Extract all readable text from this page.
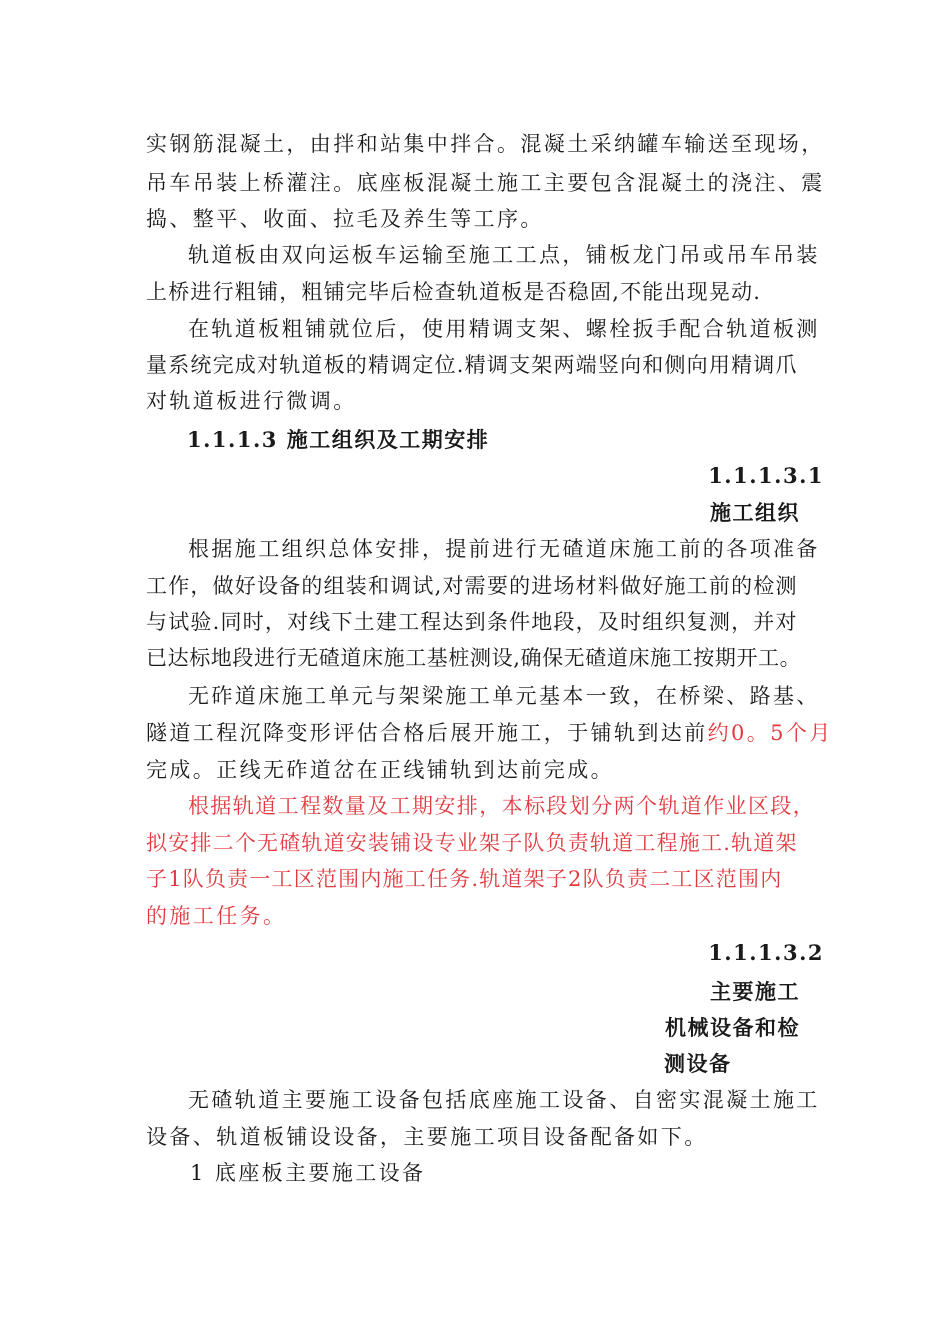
实钢筋混凝土，由拌和站集中拌合。混凝土采纳罐车输送至现场，
吊车吊装上桥灌注。底座板混凝土施工主要包含混凝土的浇注、震
捣、整平、收面、拉毛及养生等工序。
轨道板由双向运板车运输至施工工点，铺板龙门吊或吊车吊装
上桥进行粗铺，粗铺完毕后检查轨道板是否稳固,不能出现晃动.
在轨道板粗铺就位后，使用精调支架、螺栓扳手配合轨道板测
量系统完成对轨道板的精调定位.精调支架两端竖向和侧向用精调爪
对轨道板进行微调。
1.1.1.3 施工组织及工期安排
1.1.1.3.1
施工组织
根据施工组织总体安排，提前进行无碴道床施工前的各项准备
工作，做好设备的组装和调试,对需要的进场材料做好施工前的检测
与试验.同时，对线下土建工程达到条件地段，及时组织复测，并对
已达标地段进行无碴道床施工基桩测设,确保无碴道床施工按期开工。
无砟道床施工单元与架梁施工单元基本一致，在桥梁、路基、
隧道工程沉降变形评估合格后展开施工，于铺轨到达前约0。5个月
完成。正线无砟道岔在正线铺轨到达前完成。
根据轨道工程数量及工期安排，本标段划分两个轨道作业区段，
拟安排二个无碴轨道安装铺设专业架子队负责轨道工程施工.轨道架
子1队负责一工区范围内施工任务.轨道架子2队负责二工区范围内
的施工任务。
1.1.1.3.2
主要施工
机械设备和检
测设备
无碴轨道主要施工设备包括底座施工设备、自密实混凝土施工
设备、轨道板铺设设备，主要施工项目设备配备如下。
1 底座板主要施工设备
